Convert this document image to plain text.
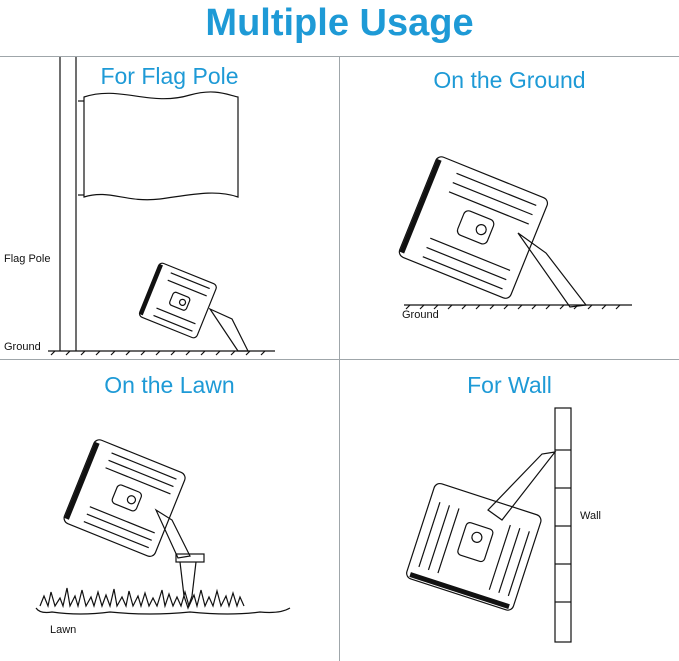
Multiple Usage
For Flag Pole
Flag Pole
Ground
On the Ground
Ground
On the Lawn
Lawn
For Wall
Wall
